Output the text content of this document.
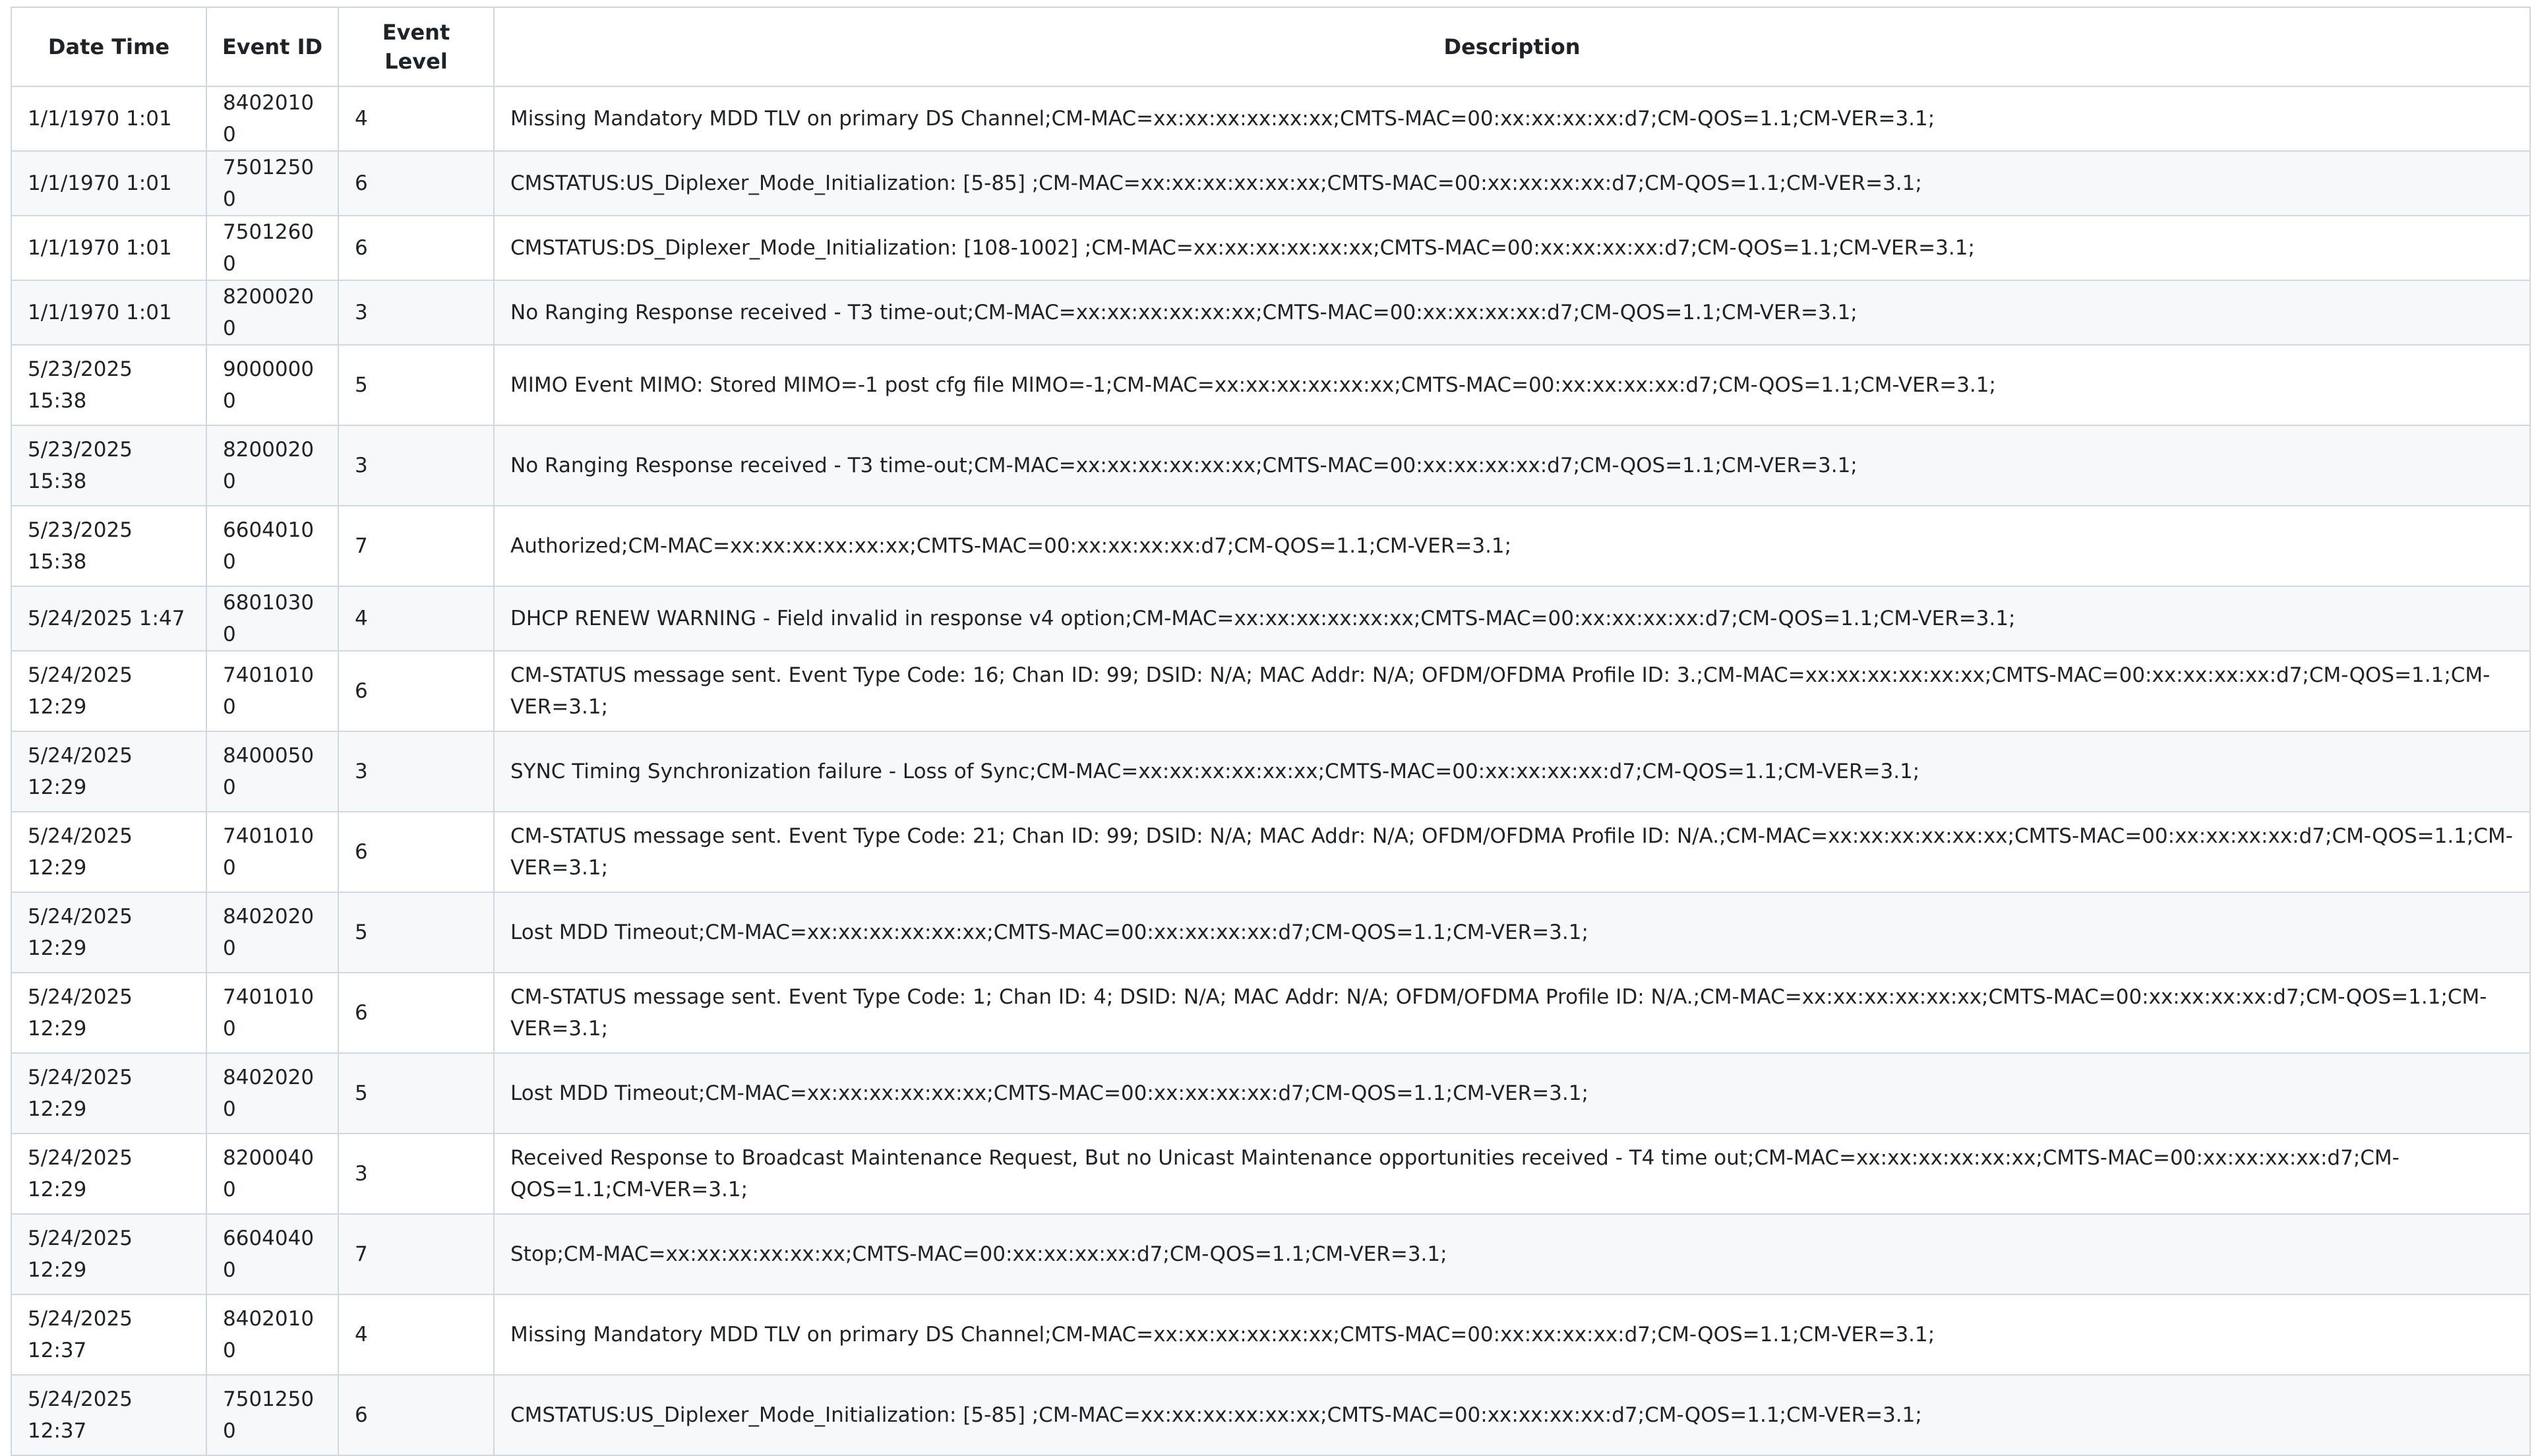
Date Time	Event ID	Event Level	Description
1/1/1970 1:01	84020100	4	Missing Mandatory MDD TLV on primary DS Channel;CM-MAC=xx:xx:xx:xx:xx:xx;CMTS-MAC=00:xx:xx:xx:xx:d7;CM-QOS=1.1;CM-VER=3.1;
1/1/1970 1:01	75012500	6	CMSTATUS:US_Diplexer_Mode_Initialization: [5-85] ;CM-MAC=xx:xx:xx:xx:xx:xx;CMTS-MAC=00:xx:xx:xx:xx:d7;CM-QOS=1.1;CM-VER=3.1;
1/1/1970 1:01	75012600	6	CMSTATUS:DS_Diplexer_Mode_Initialization: [108-1002] ;CM-MAC=xx:xx:xx:xx:xx:xx;CMTS-MAC=00:xx:xx:xx:xx:d7;CM-QOS=1.1;CM-VER=3.1;
1/1/1970 1:01	82000200	3	No Ranging Response received - T3 time-out;CM-MAC=xx:xx:xx:xx:xx:xx;CMTS-MAC=00:xx:xx:xx:xx:d7;CM-QOS=1.1;CM-VER=3.1;
5/23/2025 15:38	90000000	5	MIMO Event MIMO: Stored MIMO=-1 post cfg file MIMO=-1;CM-MAC=xx:xx:xx:xx:xx:xx;CMTS-MAC=00:xx:xx:xx:xx:d7;CM-QOS=1.1;CM-VER=3.1;
5/23/2025 15:38	82000200	3	No Ranging Response received - T3 time-out;CM-MAC=xx:xx:xx:xx:xx:xx;CMTS-MAC=00:xx:xx:xx:xx:d7;CM-QOS=1.1;CM-VER=3.1;
5/23/2025 15:38	66040100	7	Authorized;CM-MAC=xx:xx:xx:xx:xx:xx;CMTS-MAC=00:xx:xx:xx:xx:d7;CM-QOS=1.1;CM-VER=3.1;
5/24/2025 1:47	68010300	4	DHCP RENEW WARNING - Field invalid in response v4 option;CM-MAC=xx:xx:xx:xx:xx:xx;CMTS-MAC=00:xx:xx:xx:xx:d7;CM-QOS=1.1;CM-VER=3.1;
5/24/2025 12:29	74010100	6	CM-STATUS message sent. Event Type Code: 16; Chan ID: 99; DSID: N/A; MAC Addr: N/A; OFDM/OFDMA Profile ID: 3.;CM-MAC=xx:xx:xx:xx:xx:xx;CMTS-MAC=00:xx:xx:xx:xx:d7;CM-QOS=1.1;CM-VER=3.1;
5/24/2025 12:29	84000500	3	SYNC Timing Synchronization failure - Loss of Sync;CM-MAC=xx:xx:xx:xx:xx:xx;CMTS-MAC=00:xx:xx:xx:xx:d7;CM-QOS=1.1;CM-VER=3.1;
5/24/2025 12:29	74010100	6	CM-STATUS message sent. Event Type Code: 21; Chan ID: 99; DSID: N/A; MAC Addr: N/A; OFDM/OFDMA Profile ID: N/A.;CM-MAC=xx:xx:xx:xx:xx:xx;CMTS-MAC=00:xx:xx:xx:xx:d7;CM-QOS=1.1;CM-VER=3.1;
5/24/2025 12:29	84020200	5	Lost MDD Timeout;CM-MAC=xx:xx:xx:xx:xx:xx;CMTS-MAC=00:xx:xx:xx:xx:d7;CM-QOS=1.1;CM-VER=3.1;
5/24/2025 12:29	74010100	6	CM-STATUS message sent. Event Type Code: 1; Chan ID: 4; DSID: N/A; MAC Addr: N/A; OFDM/OFDMA Profile ID: N/A.;CM-MAC=xx:xx:xx:xx:xx:xx;CMTS-MAC=00:xx:xx:xx:xx:d7;CM-QOS=1.1;CM-VER=3.1;
5/24/2025 12:29	84020200	5	Lost MDD Timeout;CM-MAC=xx:xx:xx:xx:xx:xx;CMTS-MAC=00:xx:xx:xx:xx:d7;CM-QOS=1.1;CM-VER=3.1;
5/24/2025 12:29	82000400	3	Received Response to Broadcast Maintenance Request, But no Unicast Maintenance opportunities received - T4 time out;CM-MAC=xx:xx:xx:xx:xx:xx;CMTS-MAC=00:xx:xx:xx:xx:d7;CM-QOS=1.1;CM-VER=3.1;
5/24/2025 12:29	66040400	7	Stop;CM-MAC=xx:xx:xx:xx:xx:xx;CMTS-MAC=00:xx:xx:xx:xx:d7;CM-QOS=1.1;CM-VER=3.1;
5/24/2025 12:37	84020100	4	Missing Mandatory MDD TLV on primary DS Channel;CM-MAC=xx:xx:xx:xx:xx:xx;CMTS-MAC=00:xx:xx:xx:xx:d7;CM-QOS=1.1;CM-VER=3.1;
5/24/2025 12:37	75012500	6	CMSTATUS:US_Diplexer_Mode_Initialization: [5-85] ;CM-MAC=xx:xx:xx:xx:xx:xx;CMTS-MAC=00:xx:xx:xx:xx:d7;CM-QOS=1.1;CM-VER=3.1;
